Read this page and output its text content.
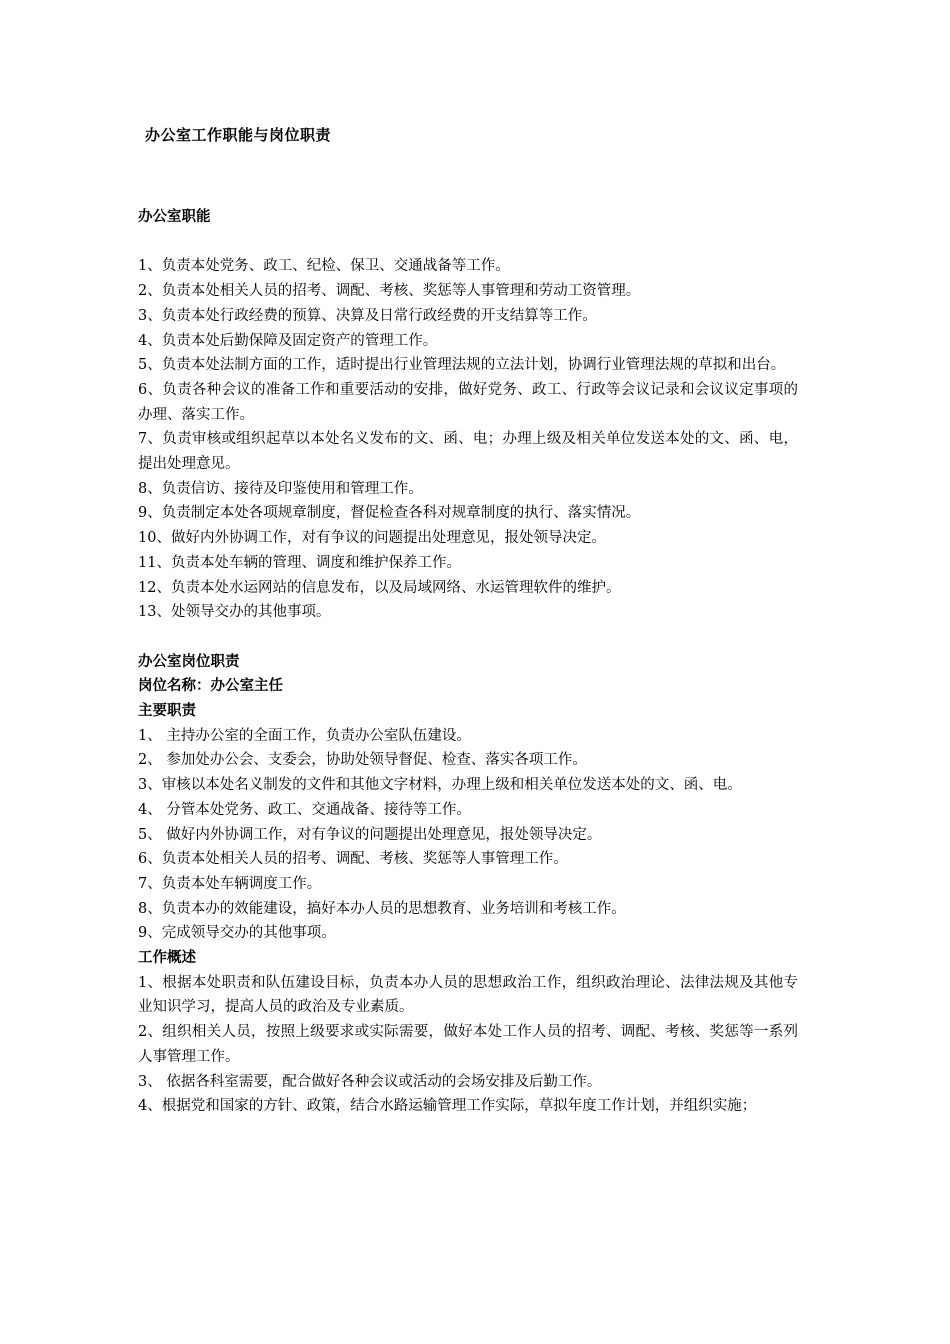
办公室工作职能与岗位职责

办公室职能

1、负责本处党务、政工、纪检、保卫、交通战备等工作。

2、负责本处相关人员的招考、调配、考核、奖惩等人事管理和劳动工资管理。

3、负责本处行政经费的预算、决算及日常行政经费的开支结算等工作。

4、负责本处后勤保障及固定资产的管理工作。

5、负责本处法制方面的工作，适时提出行业管理法规的立法计划，协调行业管理法规的草拟和出台。

6、负责各种会议的准备工作和重要活动的安排，做好党务、政工、行政等会议记录和会议议定事项的办理、落实工作。

7、负责审核或组织起草以本处名义发布的文、函、电；办理上级及相关单位发送本处的文、函、电，提出处理意见。

8、负责信访、接待及印鉴使用和管理工作。

9、负责制定本处各项规章制度，督促检查各科对规章制度的执行、落实情况。

10、做好内外协调工作，对有争议的问题提出处理意见，报处领导决定。

11、负责本处车辆的管理、调度和维护保养工作。

12、负责本处水运网站的信息发布，以及局域网络、水运管理软件的维护。

13、处领导交办的其他事项。

办公室岗位职责

岗位名称：办公室主任

主要职责

1、 主持办公室的全面工作，负责办公室队伍建设。

2、 参加处办公会、支委会，协助处领导督促、检查、落实各项工作。

3、审核以本处名义制发的文件和其他文字材料，办理上级和相关单位发送本处的文、函、电。

4、 分管本处党务、政工、交通战备、接待等工作。

5、 做好内外协调工作，对有争议的问题提出处理意见，报处领导决定。

6、负责本处相关人员的招考、调配、考核、奖惩等人事管理工作。

7、负责本处车辆调度工作。

8、负责本办的效能建设，搞好本办人员的思想教育、业务培训和考核工作。

9、完成领导交办的其他事项。

工作概述

1、根据本处职责和队伍建设目标，负责本办人员的思想政治工作，组织政治理论、法律法规及其他专业知识学习，提高人员的政治及专业素质。

2、组织相关人员，按照上级要求或实际需要，做好本处工作人员的招考、调配、考核、奖惩等一系列人事管理工作。

3、 依据各科室需要，配合做好各种会议或活动的会场安排及后勤工作。

4、根据党和国家的方针、政策，结合水路运输管理工作实际，草拟年度工作计划，并组织实施；
